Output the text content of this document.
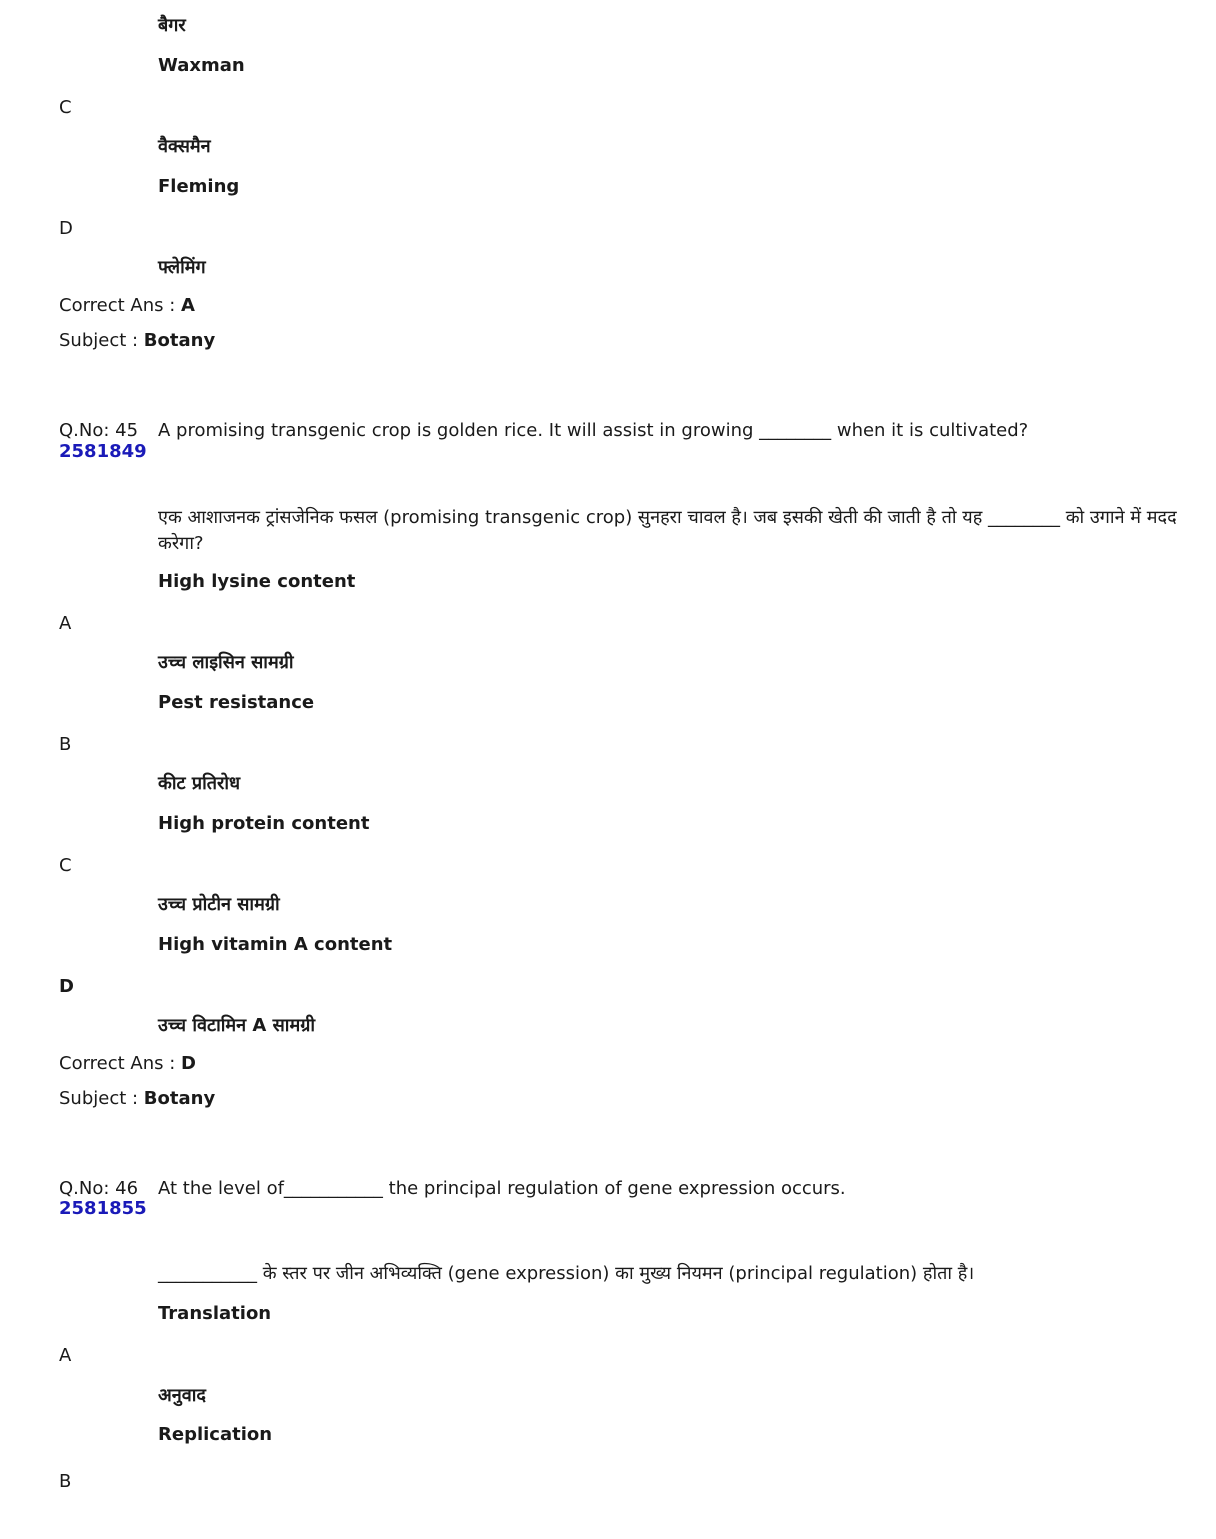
बैगर
Waxman
C
वैक्समैन
Fleming
D
फ्लेमिंग
Correct Ans : A
Subject : Botany
Q.No: 45
2581849
A promising transgenic crop is golden rice. It will assist in growing ________ when it is cultivated?
एक आशाजनक ट्रांसजेनिक फसल (promising transgenic crop) सुनहरा चावल है। जब इसकी खेती की जाती है तो यह ________ को उगाने में मदद करेगा?
High lysine content
A
उच्च लाइसिन सामग्री
Pest resistance
B
कीट प्रतिरोध
High protein content
C
उच्च प्रोटीन सामग्री
High vitamin A content
D
उच्च विटामिन A सामग्री
Correct Ans : D
Subject : Botany
Q.No: 46
2581855
At the level of___________ the principal regulation of gene expression occurs.
___________ के स्तर पर जीन अभिव्यक्ति (gene expression) का मुख्य नियमन (principal regulation) होता है।
Translation
A
अनुवाद
Replication
B
